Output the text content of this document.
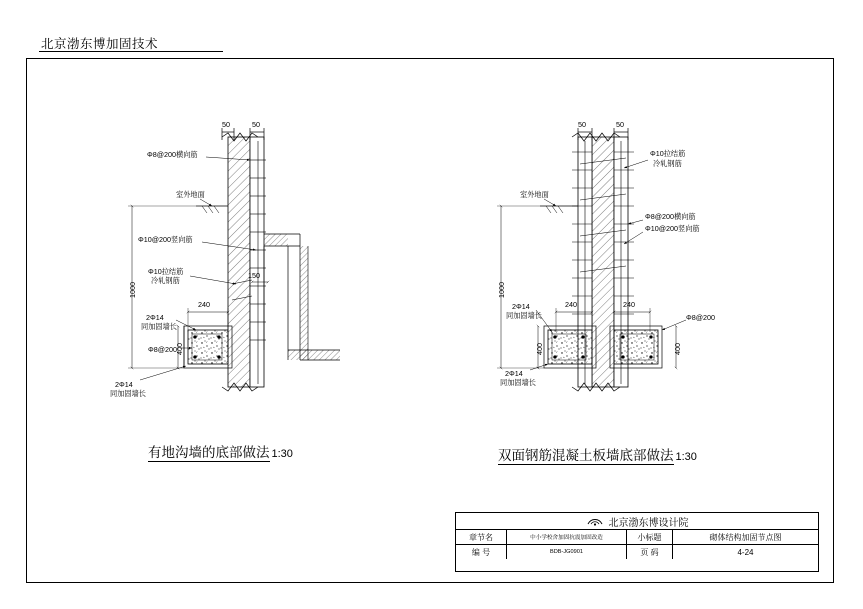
北京渤东博加固技术
Φ8@200横向筋
室外地面
Φ10@200竖向筋
Φ10拉结筋
冷轧钢筋
150
240
2Φ14
同加固墙长
Φ8@200
400
1000
2Φ14
同加固墙长
50	50
Φ10拉结筋
冷轧钢筋
室外地面
Φ8@200横向筋
Φ10@200竖向筋
1000
240	240
Φ8@200
2Φ14
同加固墙长
400	400
2Φ14
同加固墙长
50	50
有地沟墙的底部做法 1:30	双面钢筋混凝土板墙底部做法 1:30
北京渤东博设计院
章节名	中小学校舍加固抗震加固改造	小标题	砌体结构加固节点图
编 号	BDB-JG0901	页 码	4-24
